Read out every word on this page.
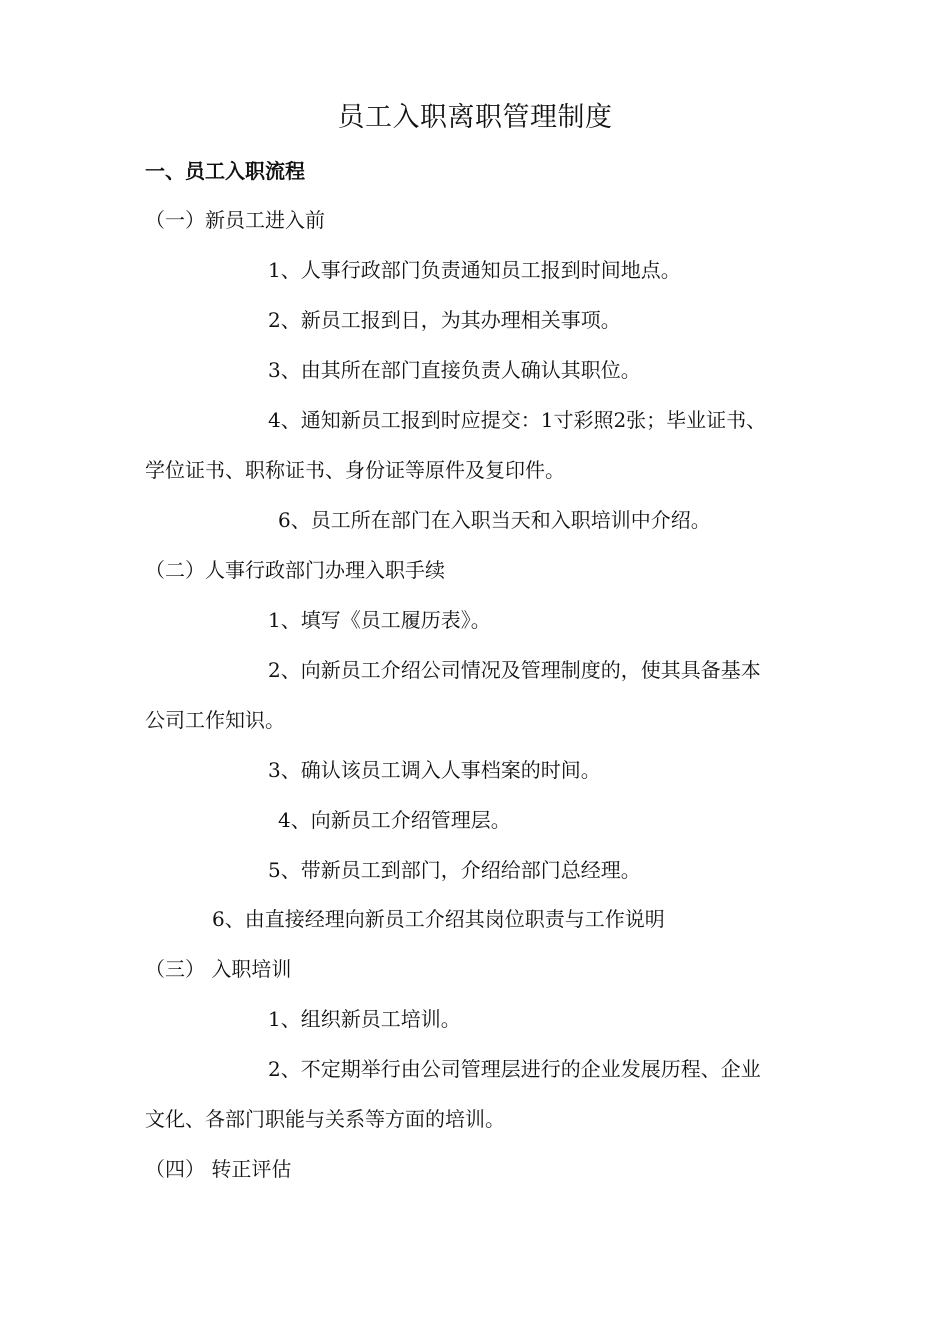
员工入职离职管理制度
一、员工入职流程
（一）新员工进入前
1、人事行政部门负责通知员工报到时间地点。
2、新员工报到日，为其办理相关事项。
3、由其所在部门直接负责人确认其职位。
4、通知新员工报到时应提交：1寸彩照2张；毕业证书、
学位证书、职称证书、身份证等原件及复印件。
6、员工所在部门在入职当天和入职培训中介绍。
（二）人事行政部门办理入职手续
1、填写《员工履历表》。
2、向新员工介绍公司情况及管理制度的，使其具备基本
公司工作知识。
3、确认该员工调入人事档案的时间。
4、向新员工介绍管理层。
5、带新员工到部门，介绍给部门总经理。
6、由直接经理向新员工介绍其岗位职责与工作说明
（三） 入职培训
1、组织新员工培训。
2、不定期举行由公司管理层进行的企业发展历程、企业
文化、各部门职能与关系等方面的培训。
（四） 转正评估
